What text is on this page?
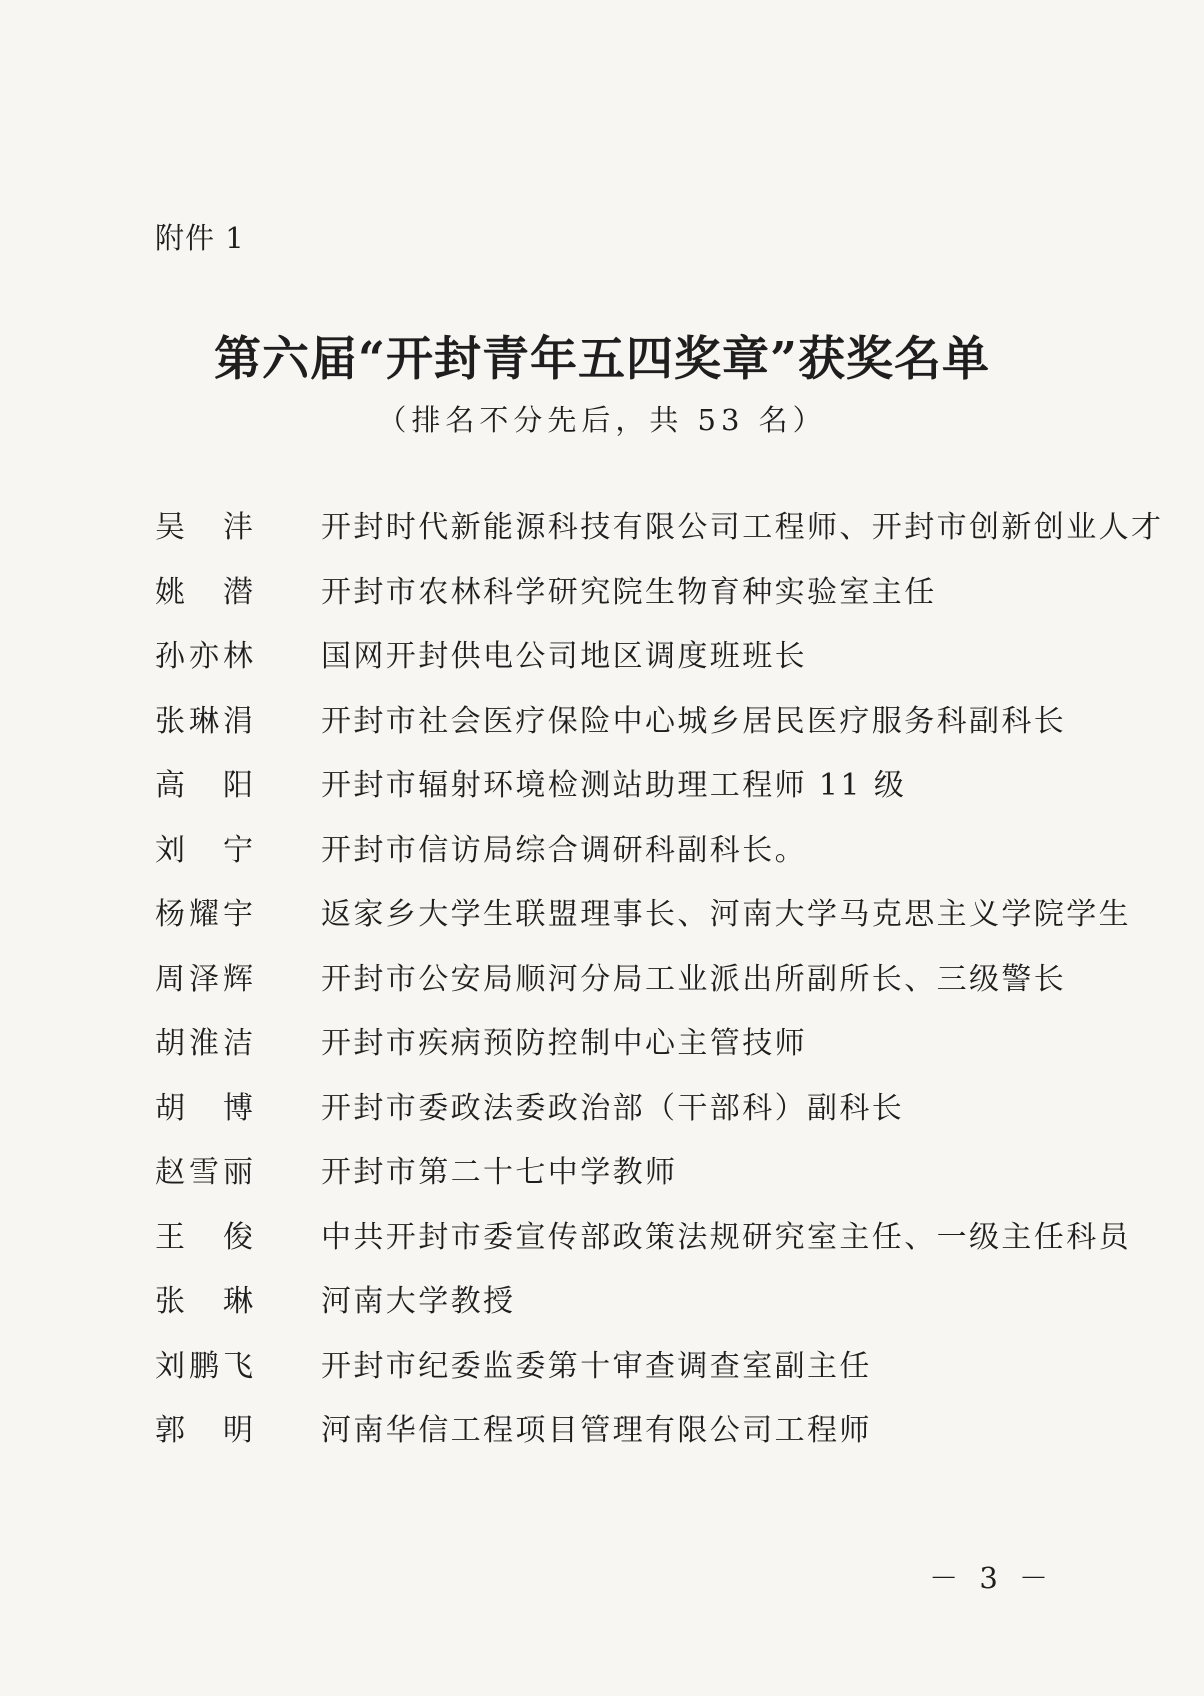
附件 1
第六届“开封青年五四奖章”获奖名单
（排名不分先后，共 53 名）
吴　沣 开封时代新能源科技有限公司工程师、开封市创新创业人才
姚　潜 开封市农林科学研究院生物育种实验室主任
孙亦林 国网开封供电公司地区调度班班长
张琳涓 开封市社会医疗保险中心城乡居民医疗服务科副科长
高　阳 开封市辐射环境检测站助理工程师 11 级
刘　宁 开封市信访局综合调研科副科长。
杨耀宇 返家乡大学生联盟理事长、河南大学马克思主义学院学生
周泽辉 开封市公安局顺河分局工业派出所副所长、三级警长
胡淮洁 开封市疾病预防控制中心主管技师
胡　博 开封市委政法委政治部（干部科）副科长
赵雪丽 开封市第二十七中学教师
王　俊 中共开封市委宣传部政策法规研究室主任、一级主任科员
张　琳 河南大学教授
刘鹏飞 开封市纪委监委第十审查调查室副主任
郭　明 河南华信工程项目管理有限公司工程师
－ 3 －
